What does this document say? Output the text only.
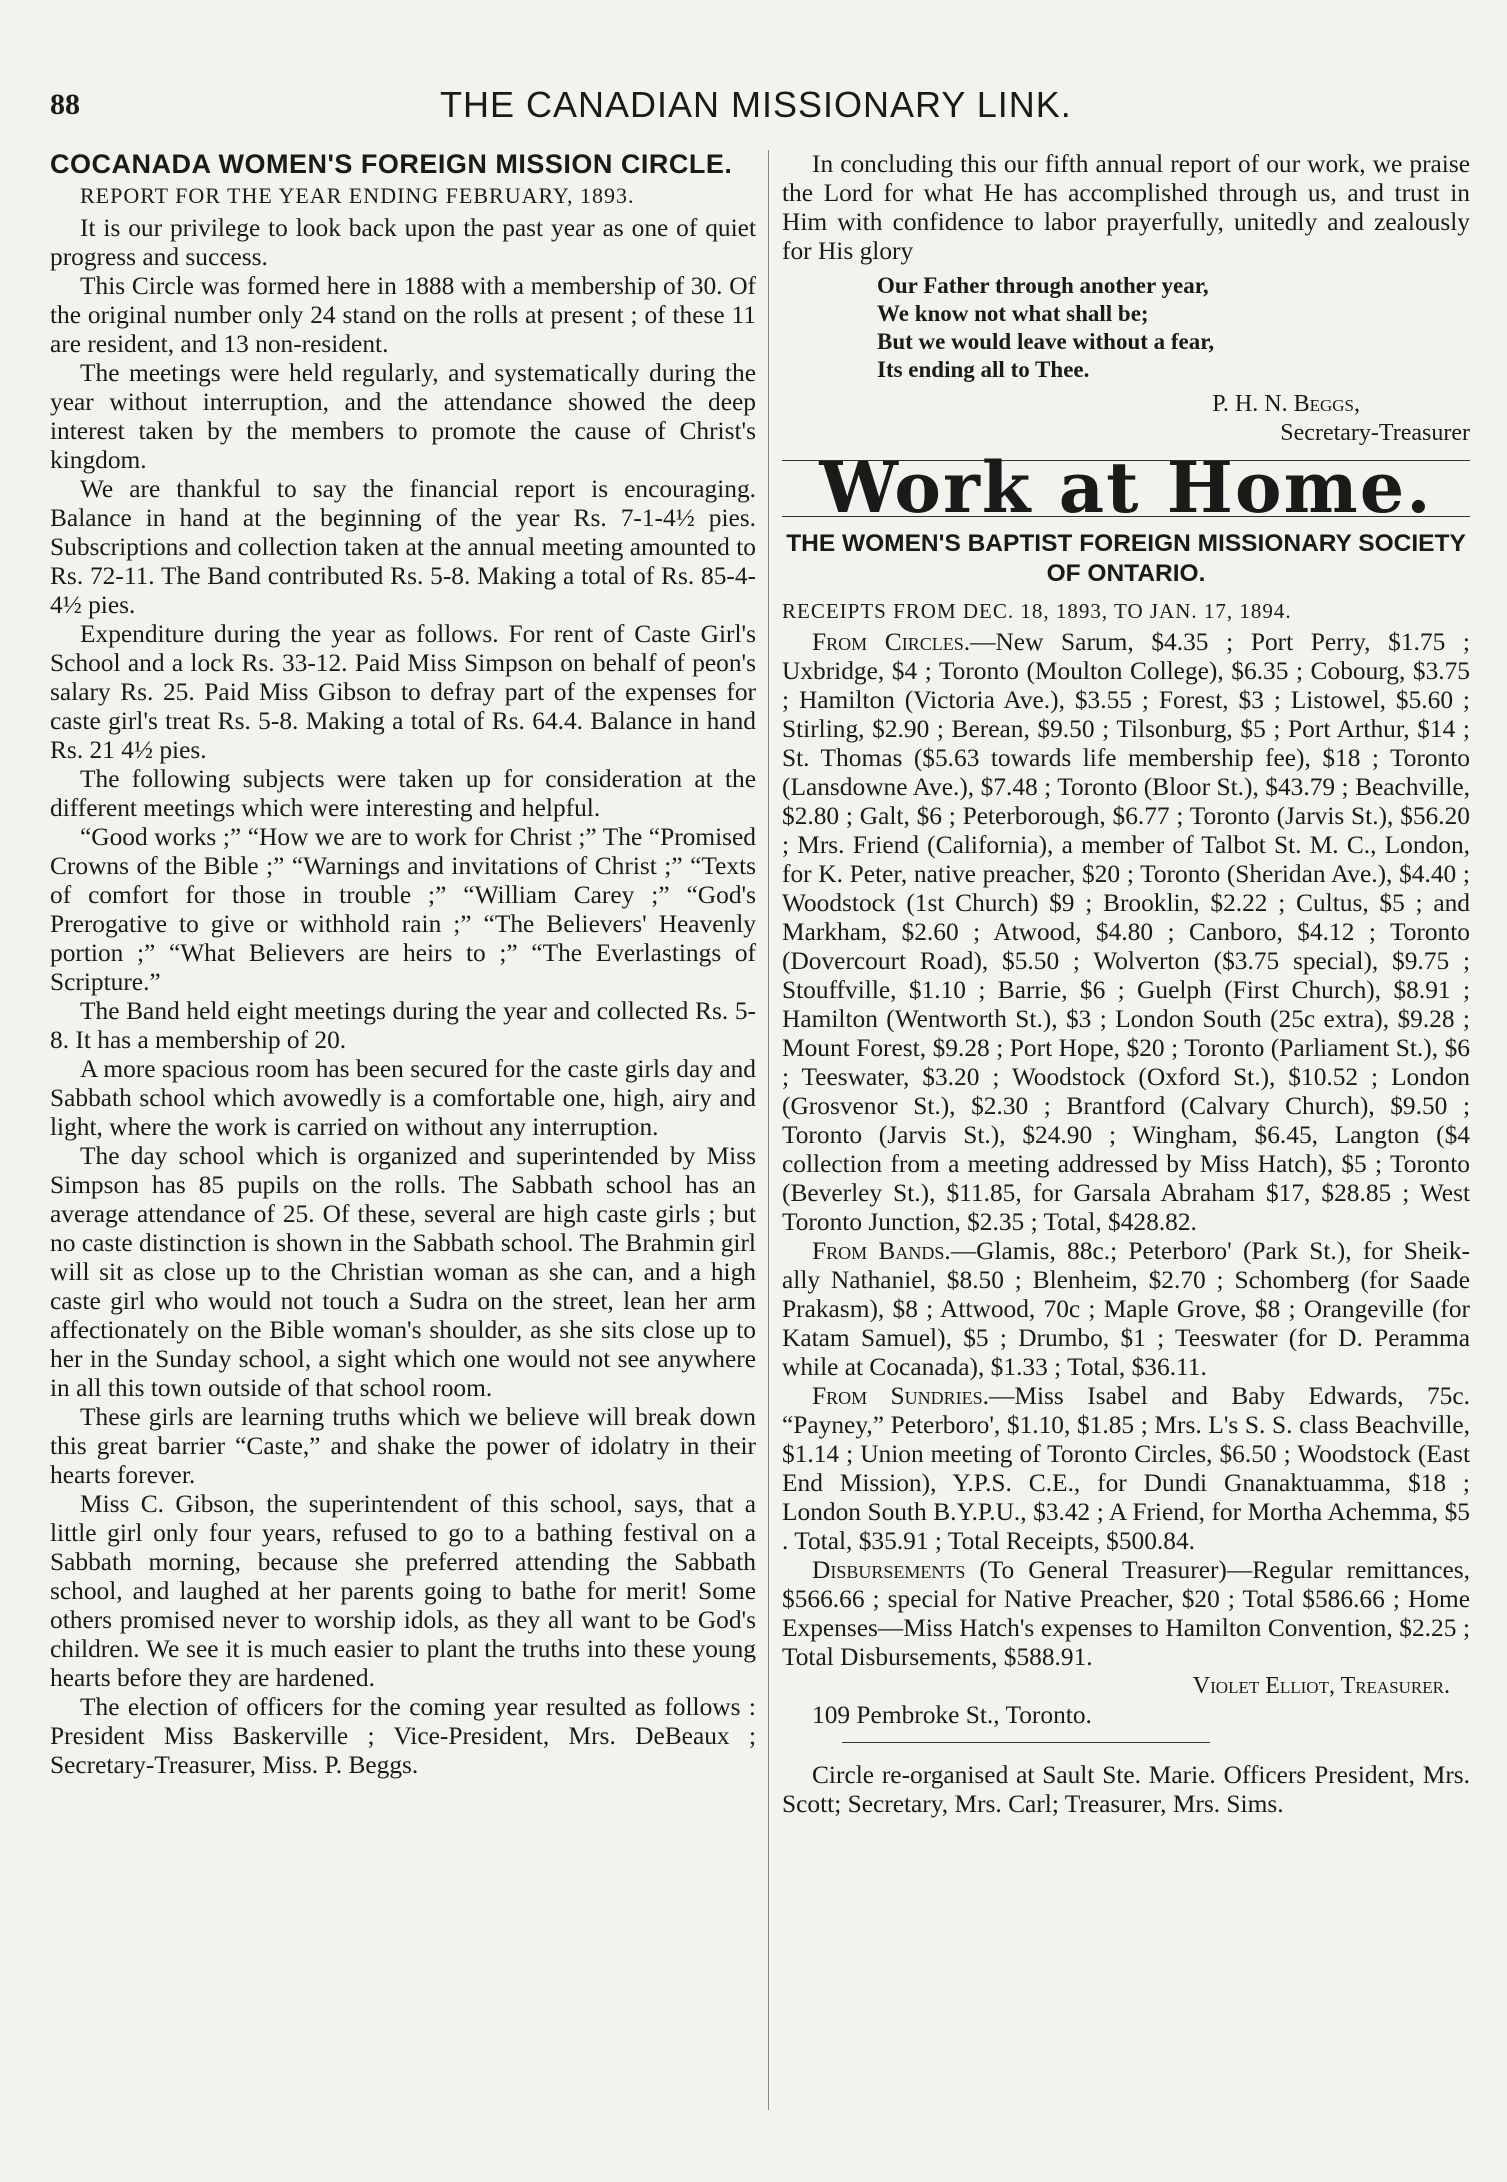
88	THE CANADIAN MISSIONARY LINK.
COCANADA WOMEN'S FOREIGN MISSION CIRCLE.
REPORT FOR THE YEAR ENDING FEBRUARY, 1893.

It is our privilege to look back upon the past year as one of quiet progress and success.

This Circle was formed here in 1888 with a membership of 30. Of the original number only 24 stand on the rolls at present ; of these 11 are resident, and 13 non-resident.

The meetings were held regularly, and systematically during the year without interruption, and the attendance showed the deep interest taken by the members to promote the cause of Christ's kingdom.

We are thankful to say the financial report is encouraging. Balance in hand at the beginning of the year Rs. 7-1-4½ pies. Subscriptions and collection taken at the annual meeting amounted to Rs. 72-11. The Band contributed Rs. 5-8. Making a total of Rs. 85-4-4½ pies.

Expenditure during the year as follows. For rent of Caste Girl's School and a lock Rs. 33-12. Paid Miss Simpson on behalf of peon's salary Rs. 25. Paid Miss Gibson to defray part of the expenses for caste girl's treat Rs. 5-8. Making a total of Rs. 64.4. Balance in hand Rs. 21 4½ pies.

The following subjects were taken up for consideration at the different meetings which were interesting and helpful.

“Good works ;” “How we are to work for Christ ;” The “Promised Crowns of the Bible ;” “Warnings and invitations of Christ ;” “Texts of comfort for those in trouble ;” “William Carey ;” “God's Prerogative to give or withhold rain ;” “The Believers' Heavenly portion ;” “What Believers are heirs to ;” “The Everlastings of Scripture.”

The Band held eight meetings during the year and collected Rs. 5-8. It has a membership of 20.

A more spacious room has been secured for the caste girls day and Sabbath school which avowedly is a comfortable one, high, airy and light, where the work is carried on without any interruption.

The day school which is organized and superintended by Miss Simpson has 85 pupils on the rolls. The Sabbath school has an average attendance of 25. Of these, several are high caste girls ; but no caste distinction is shown in the Sabbath school. The Brahmin girl will sit as close up to the Christian woman as she can, and a high caste girl who would not touch a Sudra on the street, lean her arm affectionately on the Bible woman's shoulder, as she sits close up to her in the Sunday school, a sight which one would not see anywhere in all this town outside of that school room.

These girls are learning truths which we believe will break down this great barrier “Caste,” and shake the power of idolatry in their hearts forever.

Miss C. Gibson, the superintendent of this school, says, that a little girl only four years, refused to go to a bathing festival on a Sabbath morning, because she preferred attending the Sabbath school, and laughed at her parents going to bathe for merit! Some others promised never to worship idols, as they all want to be God's children. We see it is much easier to plant the truths into these young hearts before they are hardened.

The election of officers for the coming year resulted as follows : President Miss Baskerville ; Vice-President, Mrs. DeBeaux ; Secretary-Treasurer, Miss. P. Beggs.

In concluding this our fifth annual report of our work, we praise the Lord for what He has accomplished through us, and trust in Him with confidence to labor prayerfully, unitedly and zealously for His glory

Our Father through another year,
We know not what shall be;
But we would leave without a fear,
Its ending all to Thee.
P. H. N. Beggs,
Secretary-Treasurer
Work at Home.
THE WOMEN'S BAPTIST FOREIGN MISSIONARY SOCIETY OF ONTARIO.
RECEIPTS FROM DEC. 18, 1893, TO JAN. 17, 1894.

From Circles.—New Sarum, $4.35 ; Port Perry, $1.75 ; Uxbridge, $4 ; Toronto (Moulton College), $6.35 ; Cobourg, $3.75 ; Hamilton (Victoria Ave.), $3.55 ; Forest, $3 ; Listowel, $5.60 ; Stirling, $2.90 ; Berean, $9.50 ; Tilsonburg, $5 ; Port Arthur, $14 ; St. Thomas ($5.63 towards life membership fee), $18 ; Toronto (Lansdowne Ave.), $7.48 ; Toronto (Bloor St.), $43.79 ; Beachville, $2.80 ; Galt, $6 ; Peterborough, $6.77 ; Toronto (Jarvis St.), $56.20 ; Mrs. Friend (California), a member of Talbot St. M. C., London, for K. Peter, native preacher, $20 ; Toronto (Sheridan Ave.), $4.40 ; Woodstock (1st Church) $9 ; Brooklin, $2.22 ; Cultus, $5 ; and Markham, $2.60 ; Atwood, $4.80 ; Canboro, $4.12 ; Toronto (Dovercourt Road), $5.50 ; Wolverton ($3.75 special), $9.75 ; Stouffville, $1.10 ; Barrie, $6 ; Guelph (First Church), $8.91 ; Hamilton (Wentworth St.), $3 ; London South (25c extra), $9.28 ; Mount Forest, $9.28 ; Port Hope, $20 ; Toronto (Parliament St.), $6 ; Teeswater, $3.20 ; Woodstock (Oxford St.), $10.52 ; London (Grosvenor St.), $2.30 ; Brantford (Calvary Church), $9.50 ; Toronto (Jarvis St.), $24.90 ; Wingham, $6.45, Langton ($4 collection from a meeting addressed by Miss Hatch), $5 ; Toronto (Beverley St.), $11.85, for Garsala Abraham $17, $28.85 ; West Toronto Junction, $2.35 ; Total, $428.82.

From Bands.—Glamis, 88c.; Peterboro' (Park St.), for Sheik-ally Nathaniel, $8.50 ; Blenheim, $2.70 ; Schomberg (for Saade Prakasm), $8 ; Attwood, 70c ; Maple Grove, $8 ; Orangeville (for Katam Samuel), $5 ; Drumbo, $1 ; Teeswater (for D. Peramma while at Cocanada), $1.33 ; Total, $36.11.

From Sundries.—Miss Isabel and Baby Edwards, 75c. “Payney,” Peterboro', $1.10, $1.85 ; Mrs. L's S. S. class Beachville, $1.14 ; Union meeting of Toronto Circles, $6.50 ; Woodstock (East End Mission), Y.P.S. C.E., for Dundi Gnanaktuamma, $18 ; London South B.Y.P.U., $3.42 ; A Friend, for Mortha Achemma, $5 . Total, $35.91 ; Total Receipts, $500.84.

Disbursements (To General Treasurer)—Regular remittances, $566.66 ; special for Native Preacher, $20 ; Total $586.66 ; Home Expenses—Miss Hatch's expenses to Hamilton Convention, $2.25 ; Total Disbursements, $588.91.

Violet Elliot, Treasurer.

109 Pembroke St., Toronto.

Circle re-organised at Sault Ste. Marie. Officers President, Mrs. Scott; Secretary, Mrs. Carl; Treasurer, Mrs. Sims.
